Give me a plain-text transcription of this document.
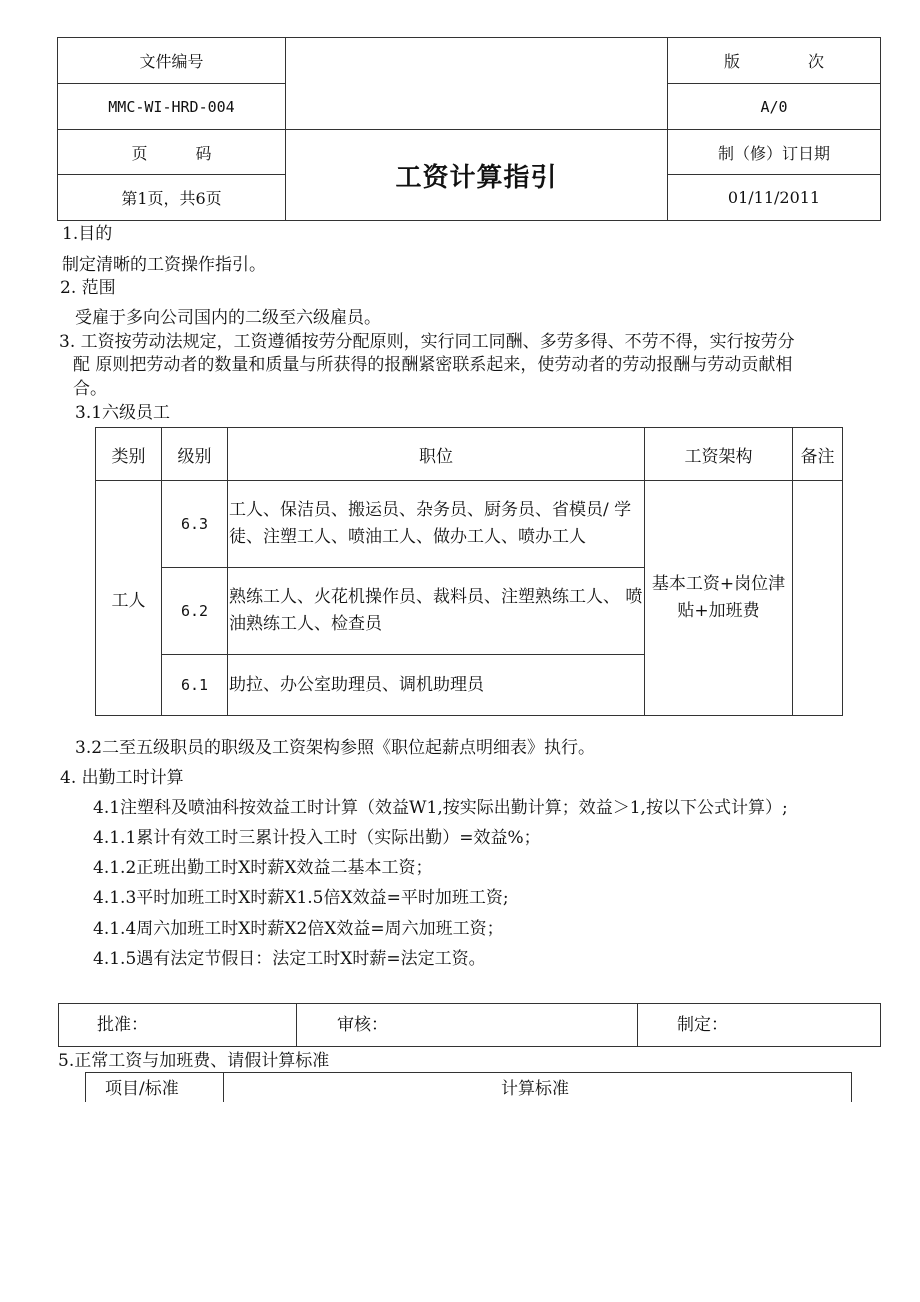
文件编号		版 次
MMC-WI-HRD-004		A/0
页 码	工资计算指引	制（修）订日期
第1页，共6页		01/11/2011
1.目的
制定清晰的工资操作指引。
2. 范围
受雇于多向公司国内的二级至六级雇员。
3. 工资按劳动法规定，工资遵循按劳分配原则，实行同工同酬、多劳多得、不劳不得，实行按劳分
配 原则把劳动者的数量和质量与所获得的报酬紧密联系起来，使劳动者的劳动报酬与劳动贡献相
合。
3.1六级员工
类别	级别	职位	工资架构	备注
工人	6.3	工人、保洁员、搬运员、杂务员、厨务员、省模员/ 学徒、注塑工人、喷油工人、做办工人、喷办工人	基本工资+岗位津贴+加班费	
	6.2	熟练工人、火花机操作员、裁料员、注塑熟练工人、 喷油熟练工人、检查员		
	6.1	助拉、办公室助理员、调机助理员		
3.2二至五级职员的职级及工资架构参照《职位起薪点明细表》执行。
4. 出勤工时计算
4.1注塑科及喷油科按效益工时计算（效益W1,按实际出勤计算；效益＞1,按以下公式计算）;
4.1.1累计有效工时三累计投入工时（实际出勤）=效益%；
4.1.2正班出勤工时X时薪X效益二基本工资；
4.1.3平时加班工时X时薪X1.5倍X效益=平时加班工资;
4.1.4周六加班工时X时薪X2倍X效益=周六加班工资；
4.1.5遇有法定节假日：法定工时X时薪=法定工资。
批准：	审核：	制定：
5.正常工资与加班费、请假计算标准
项目/标准	计算标准
